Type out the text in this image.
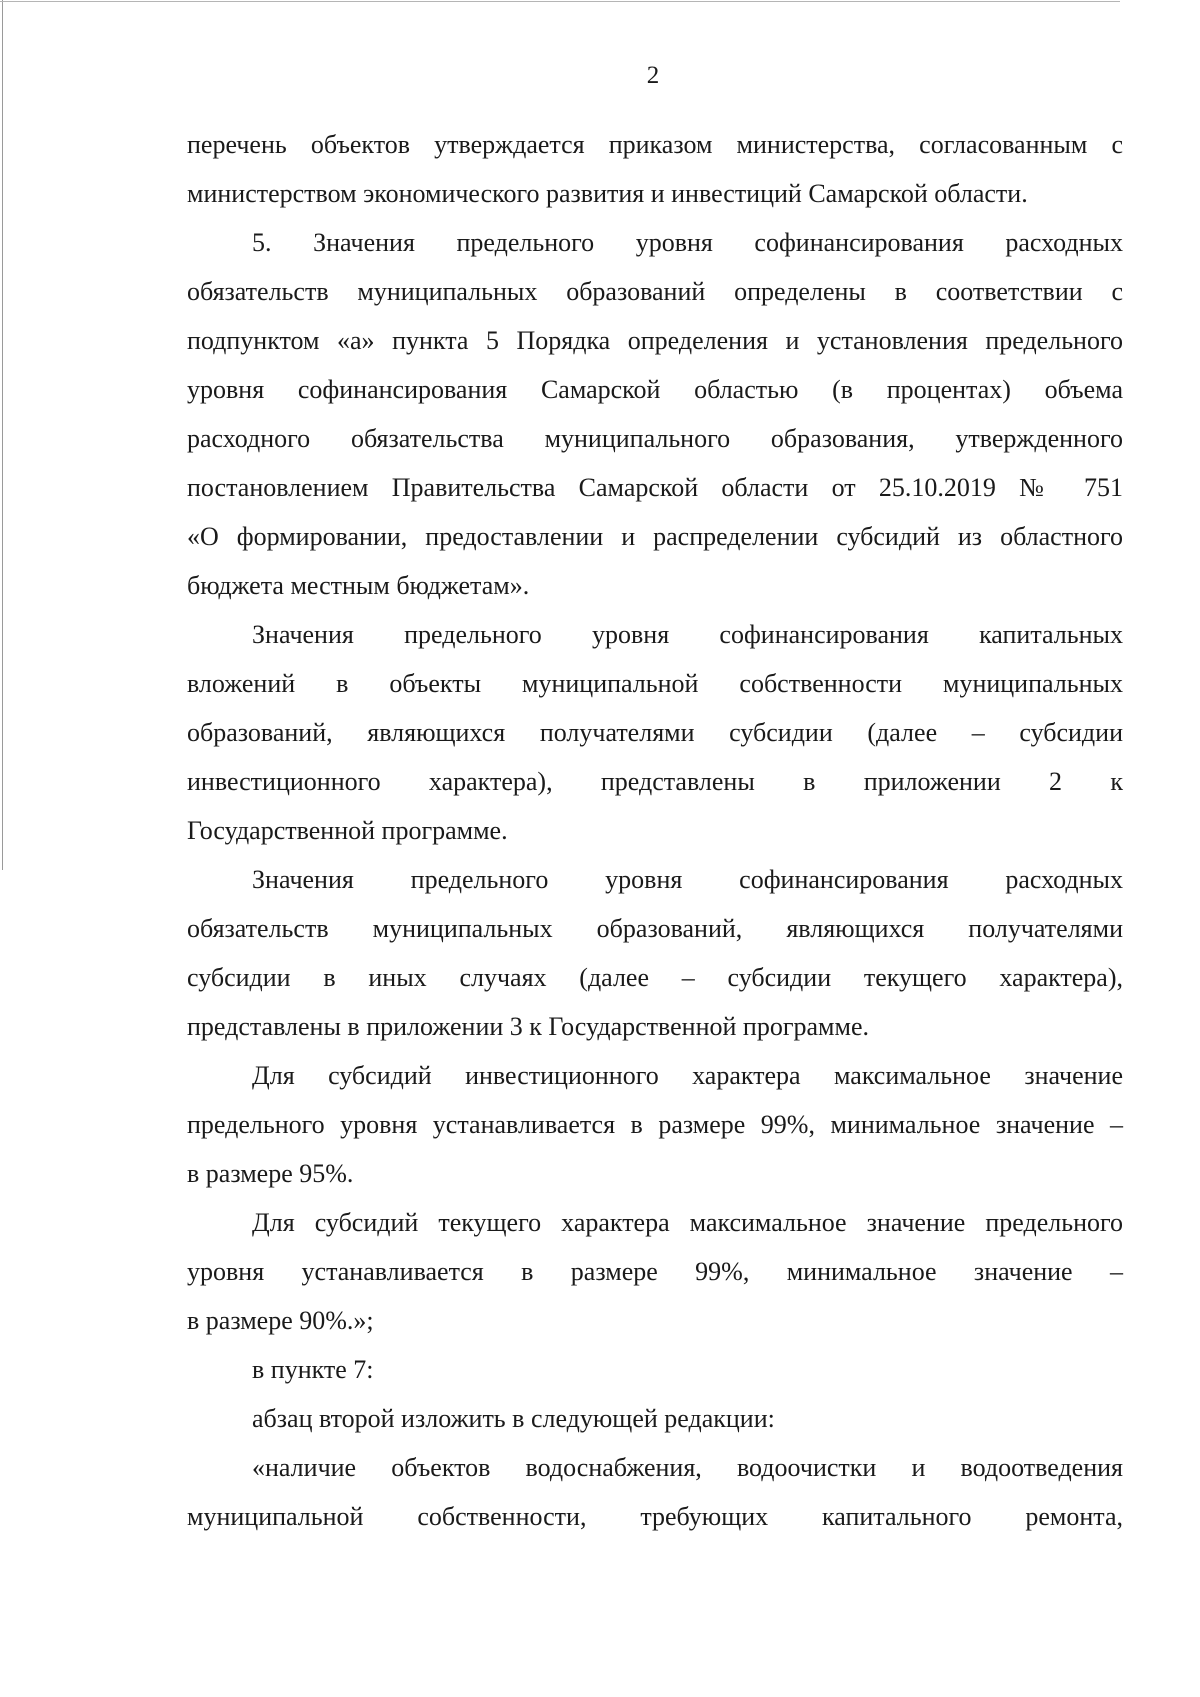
2
перечень объектов утверждается приказом министерства, согласованным с
министерством экономического развития и инвестиций Самарской области.
5. Значения предельного уровня софинансирования расходных
обязательств муниципальных образований определены в соответствии с
подпунктом «а» пункта 5 Порядка определения и установления предельного
уровня софинансирования Самарской областью (в процентах) объема
расходного обязательства муниципального образования, утвержденного
постановлением Правительства Самарской области от 25.10.2019 № 751
«О формировании, предоставлении и распределении субсидий из областного
бюджета местным бюджетам».
Значения предельного уровня софинансирования капитальных
вложений в объекты муниципальной собственности муниципальных
образований, являющихся получателями субсидии (далее – субсидии
инвестиционного характера), представлены в приложении 2 к
Государственной программе.
Значения предельного уровня софинансирования расходных
обязательств муниципальных образований, являющихся получателями
субсидии в иных случаях (далее – субсидии текущего характера),
представлены в приложении 3 к Государственной программе.
Для субсидий инвестиционного характера максимальное значение
предельного уровня устанавливается в размере 99%, минимальное значение –
в размере 95%.
Для субсидий текущего характера максимальное значение предельного
уровня устанавливается в размере 99%, минимальное значение –
в размере 90%.»;
в пункте 7:
абзац второй изложить в следующей редакции:
«наличие объектов водоснабжения, водоочистки и водоотведения
муниципальной собственности, требующих капитального ремонта,
